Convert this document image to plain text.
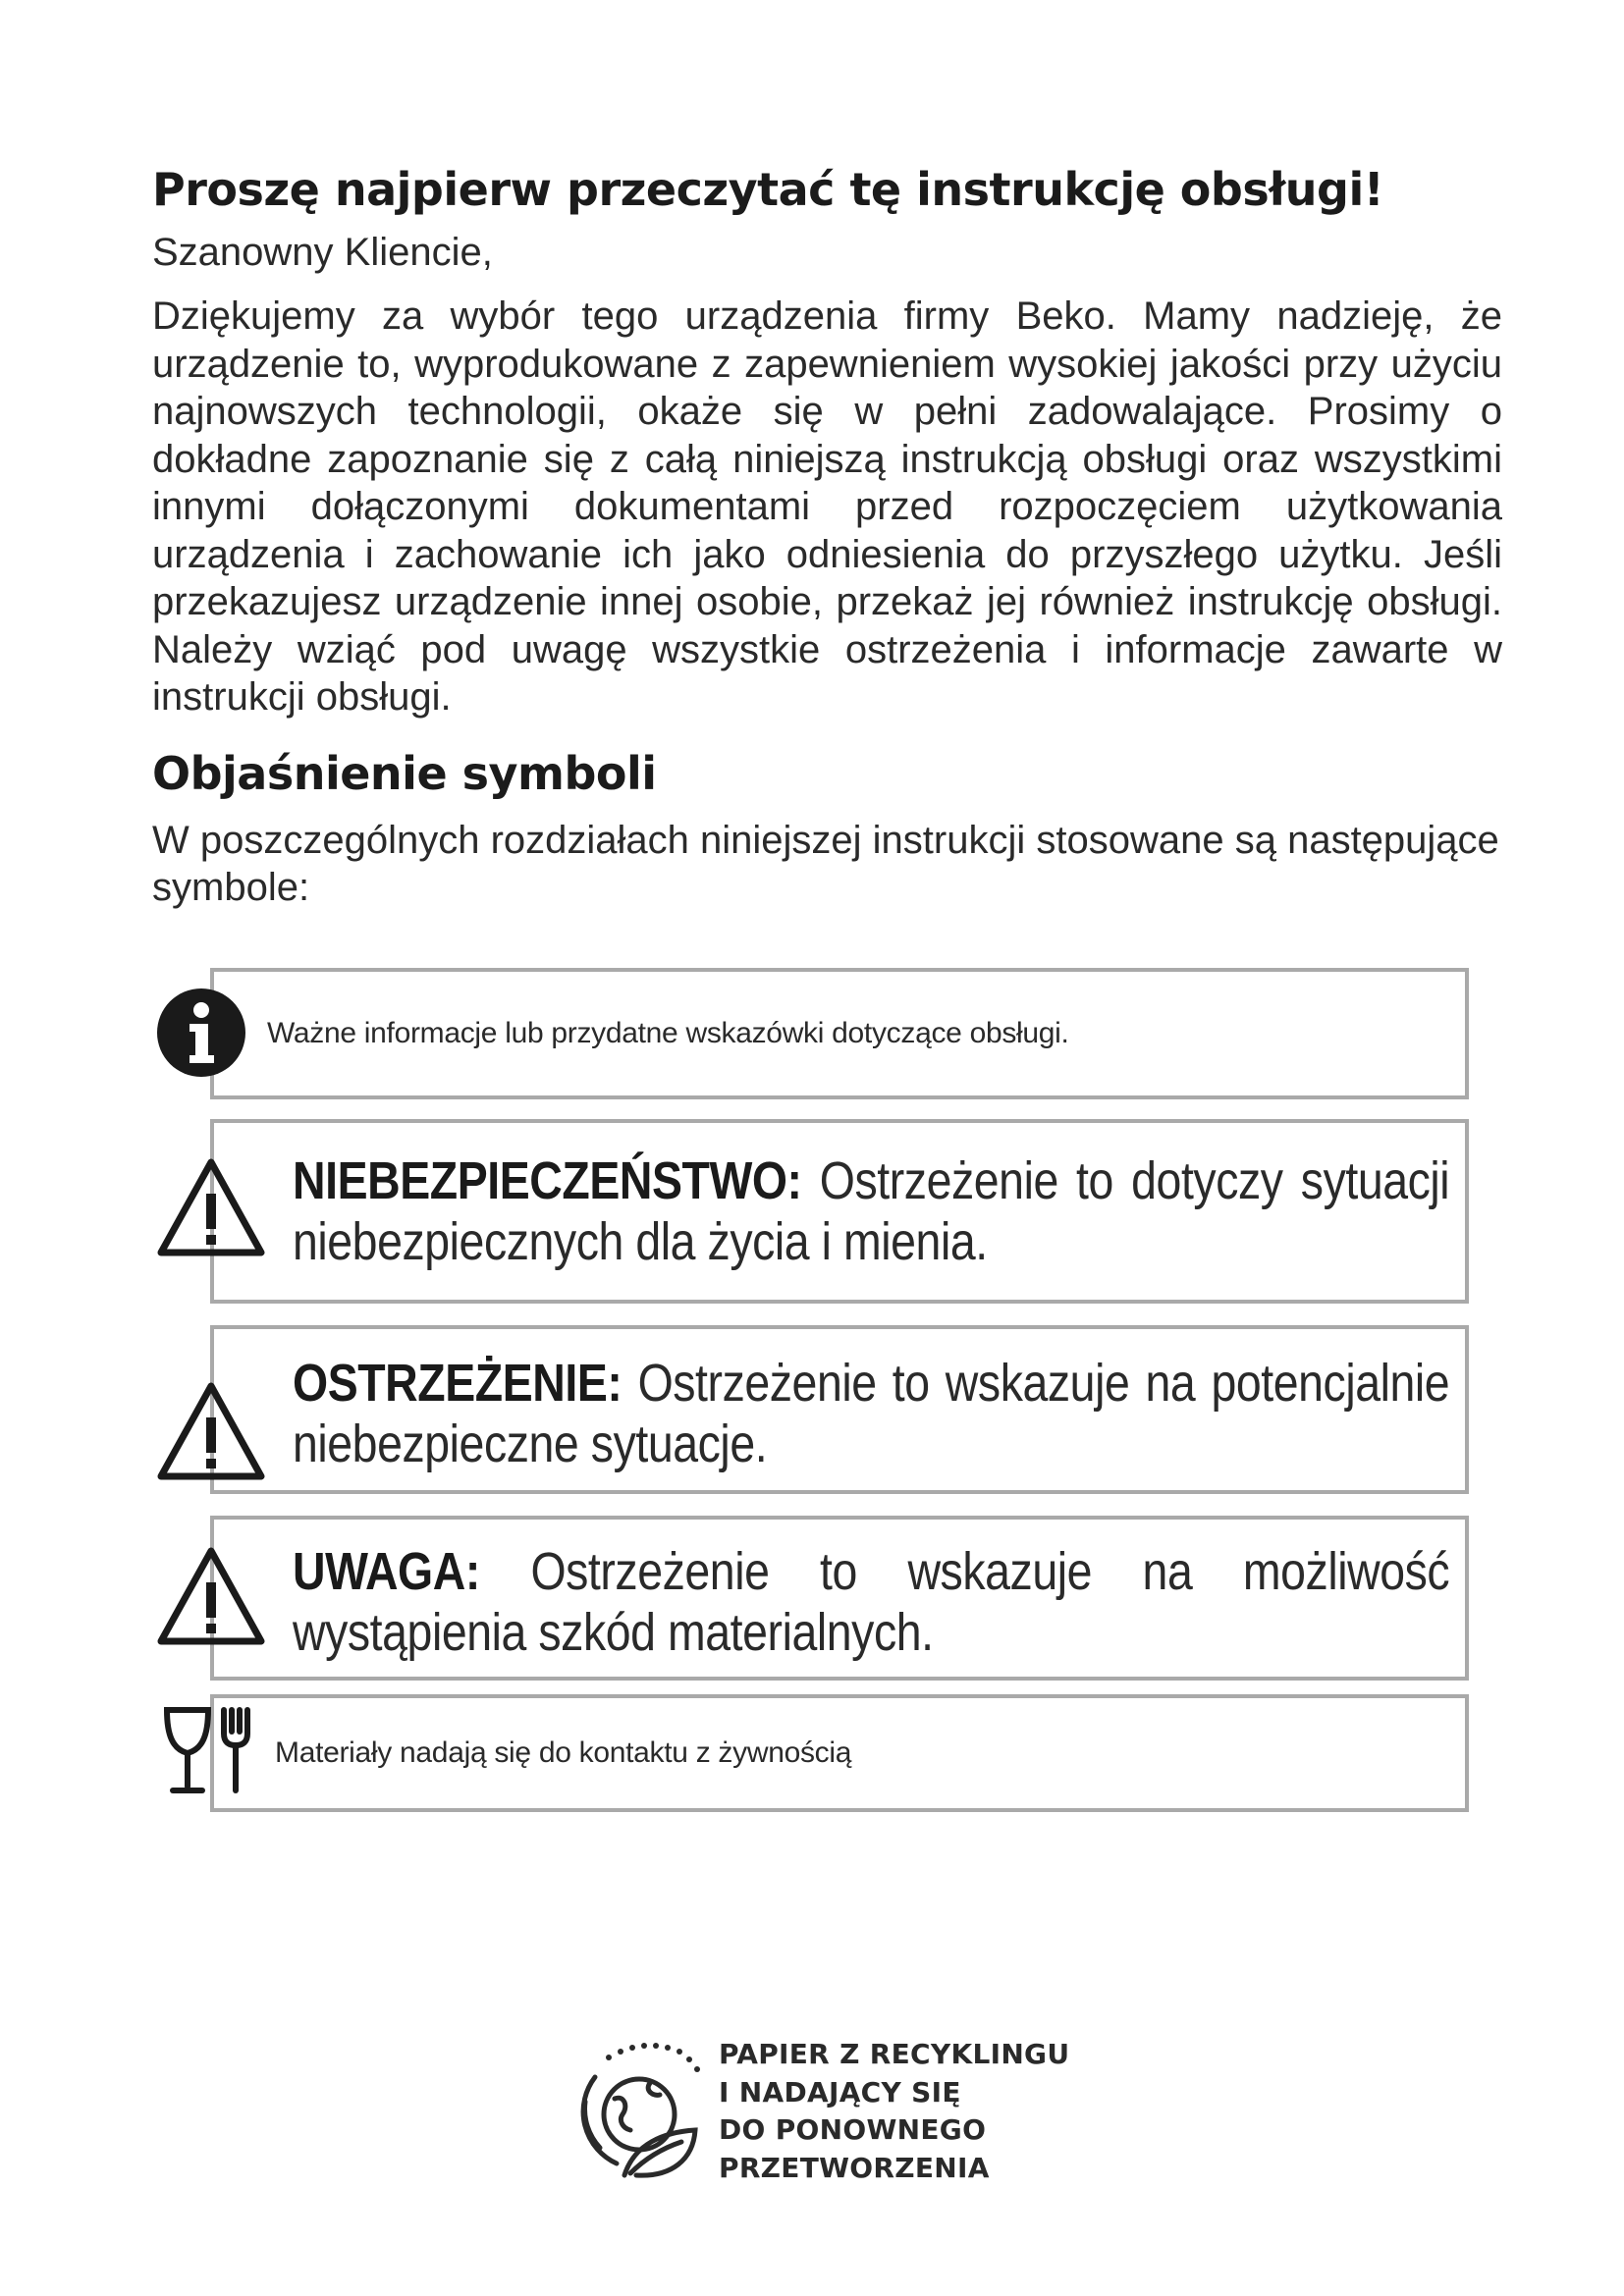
Proszę najpierw przeczytać tę instrukcję obsługi!
Szanowny Kliencie,

Dziękujemy za wybór tego urządzenia firmy Beko. Mamy nadzieję, że urządzenie to, wyprodukowane z zapewnieniem wysokiej jakości przy użyciu najnowszych technologii, okaże się w pełni zadowalające. Prosimy o dokładne zapoznanie się z całą niniejszą instrukcją obsługi oraz wszystkimi innymi dołączonymi dokumentami przed rozpoczęciem użytkowania urządzenia i zachowanie ich jako odniesienia do przyszłego użytku. Jeśli przekazujesz urządzenie innej osobie, przekaż jej również instrukcję obsługi. Należy wziąć pod uwagę wszystkie ostrzeżenia i informacje zawarte w instrukcji obsługi.

Objaśnienie symboli

W poszczególnych rozdziałach niniejszej instrukcji stosowane są następujące symbole:

Ważne informacje lub przydatne wskazówki dotyczące obsługi.
NIEBEZPIECZEŃSTWO: Ostrzeżenie to dotyczy sytuacji niebezpiecznych dla życia i mienia.
OSTRZEŻENIE: Ostrzeżenie to wskazuje na potencjalnie niebezpieczne sytuacje.
UWAGA: Ostrzeżenie to wskazuje na możliwość wystąpienia szkód materialnych.
Materiały nadają się do kontaktu z żywnością
PAPIER Z RECYKLINGU
I NADAJĄCY SIĘ
DO PONOWNEGO
PRZETWORZENIA
